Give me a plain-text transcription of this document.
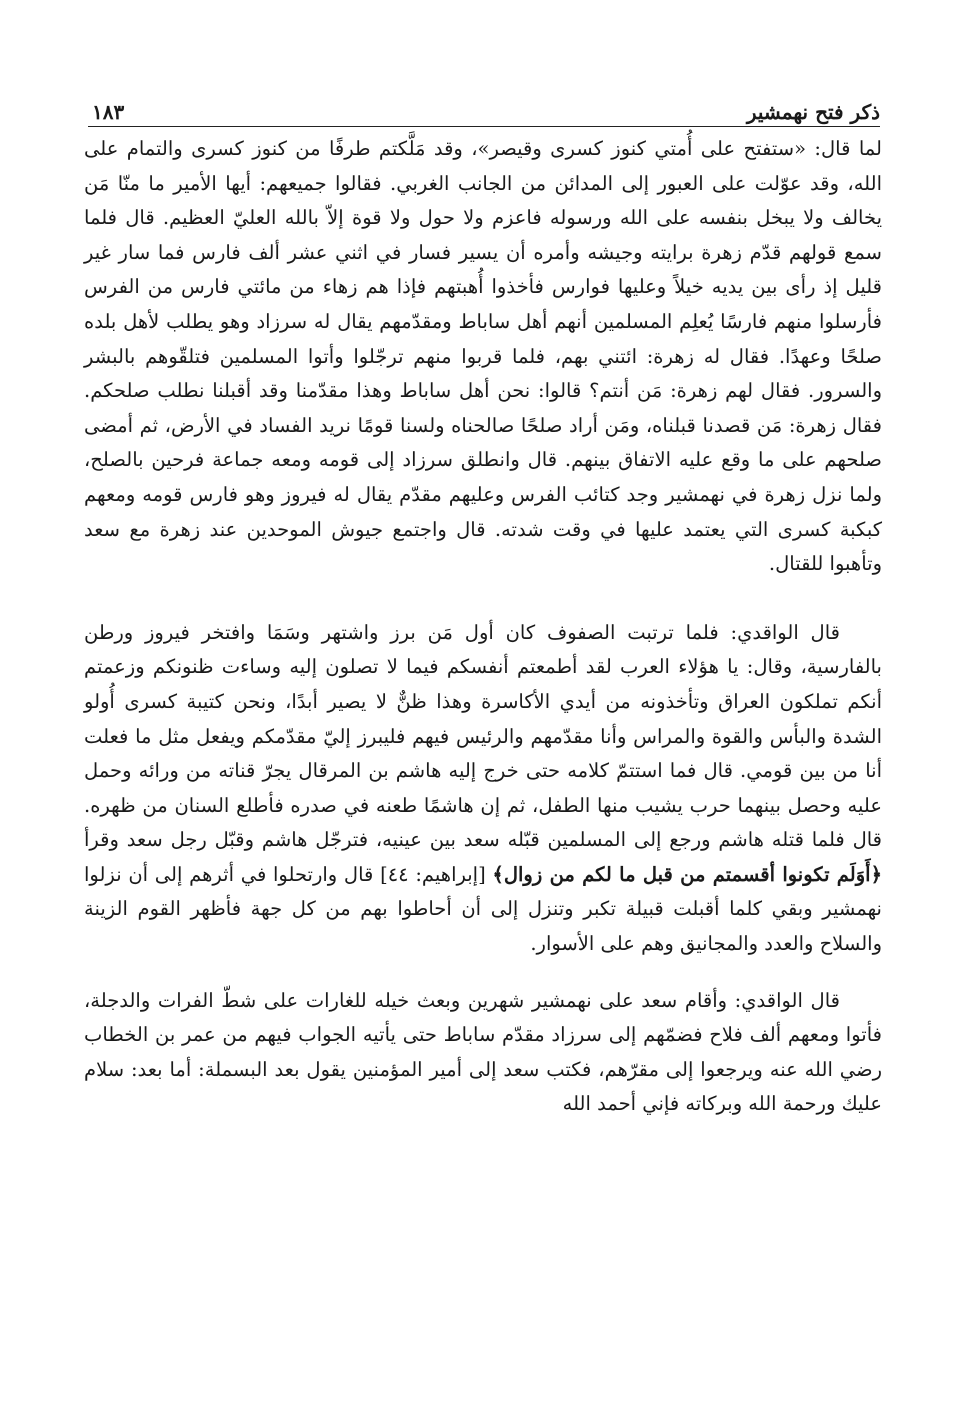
ذكر فتح نهمشير
١٨٣

لما قال: «ستفتح على أُمتي كنوز كسرى وقيصر»، وقد مَلَّكتم طرفًا من كنوز كسرى والتمام على الله، وقد عوّلت على العبور إلى المدائن من الجانب الغربي. فقالوا جميعهم: أيها الأمير ما منّا مَن يخالف ولا يبخل بنفسه على الله ورسوله فاعزم ولا حول ولا قوة إلاّ بالله العليّ العظيم. قال فلما سمع قولهم قدّم زهرة برايته وجيشه وأمره أن يسير فسار في اثني عشر ألف فارس فما سار غير قليل إذ رأى بين يديه خيلاً وعليها فوارس فأخذوا أُهبتهم فإذا هم زهاء من مائتي فارس من الفرس فأرسلوا منهم فارسًا يُعلِم المسلمين أنهم أهل ساباط ومقدّمهم يقال له سرزاد وهو يطلب لأهل بلده صلحًا وعهدًا. فقال له زهرة: ائتني بهم، فلما قربوا منهم ترجّلوا وأتوا المسلمين فتلقّوهم بالبشر والسرور. فقال لهم زهرة: مَن أنتم؟ قالوا: نحن أهل ساباط وهذا مقدّمنا وقد أقبلنا نطلب صلحكم. فقال زهرة: مَن قصدنا قبلناه، ومَن أراد صلحًا صالحناه ولسنا قومًا نريد الفساد في الأرض، ثم أمضى صلحهم على ما وقع عليه الاتفاق بينهم. قال وانطلق سرزاد إلى قومه ومعه جماعة فرحين بالصلح، ولما نزل زهرة في نهمشير وجد كتائب الفرس وعليهم مقدّم يقال له فيروز وهو فارس قومه ومعهم كبكبة كسرى التي يعتمد عليها في وقت شدته. قال واجتمع جيوش الموحدين عند زهرة مع سعد وتأهبوا للقتال.

قال الواقدي: فلما ترتبت الصفوف كان أول مَن برز واشتهر وسَمَا وافتخر فيروز ورطن بالفارسية، وقال: يا هؤلاء العرب لقد أطمعتم أنفسكم فيما لا تصلون إليه وساءت ظنونكم وزعمتم أنكم تملكون العراق وتأخذونه من أيدي الأكاسرة وهذا ظنٌّ لا يصير أبدًا، ونحن كتيبة كسرى أُولو الشدة والبأس والقوة والمراس وأنا مقدّمهم والرئيس فيهم فليبرز إليّ مقدّمكم ويفعل مثل ما فعلت أنا من بين قومي. قال فما استتمّ كلامه حتى خرج إليه هاشم بن المرقال يجرّ قناته من ورائه وحمل عليه وحصل بينهما حرب يشيب منها الطفل، ثم إن هاشمًا طعنه في صدره فأطلع السنان من ظهره. قال فلما قتله هاشم ورجع إلى المسلمين قبّله سعد بين عينيه، فترجّل هاشم وقبّل رجل سعد وقرأ ﴿أَوَلَم تكونوا أقسمتم من قبل ما لكم من زوال﴾ [إبراهيم: ٤٤] قال وارتحلوا في أثرهم إلى أن نزلوا نهمشير وبقي كلما أقبلت قبيلة تكبر وتنزل إلى أن أحاطوا بهم من كل جهة فأظهر القوم الزينة والسلاح والعدد والمجانيق وهم على الأسوار.

قال الواقدي: وأقام سعد على نهمشير شهرين وبعث خيله للغارات على شطّ الفرات والدجلة، فأتوا ومعهم ألف فلاح فضمّهم إلى سرزاد مقدّم ساباط حتى يأتيه الجواب فيهم من عمر بن الخطاب رضي الله عنه ويرجعوا إلى مقرّهم، فكتب سعد إلى أمير المؤمنين يقول بعد البسملة: أما بعد: سلام عليك ورحمة الله وبركاته فإني أحمد الله
